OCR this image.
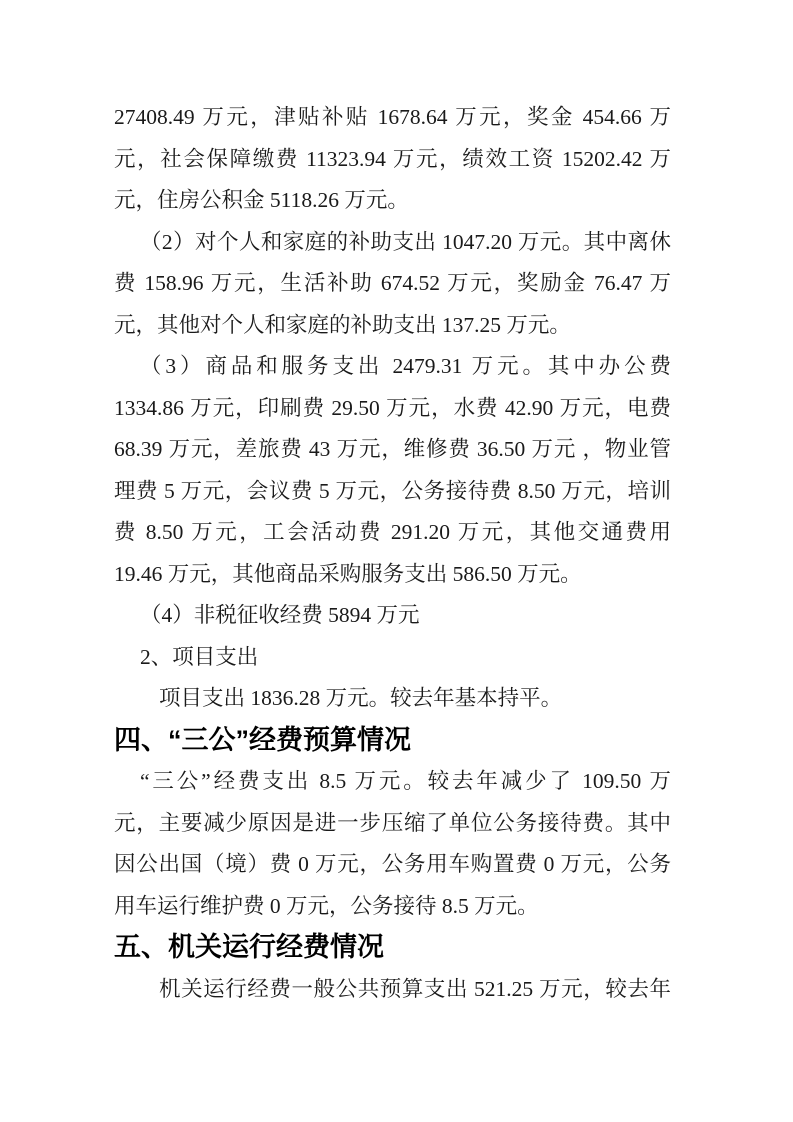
27408.49 万元，津贴补贴 1678.64 万元，奖金 454.66 万
元，社会保障缴费 11323.94 万元，绩效工资 15202.42 万
元，住房公积金 5118.26 万元。
（2）对个人和家庭的补助支出 1047.20 万元。其中离休
费 158.96 万元，生活补助 674.52 万元，奖励金 76.47 万
元，其他对个人和家庭的补助支出 137.25 万元。
（3）商品和服务支出 2479.31 万元。其中办公费
1334.86 万元，印刷费 29.50 万元，水费 42.90 万元，电费
68.39 万元，差旅费 43 万元，维修费 36.50 万元 ，物业管
理费 5 万元，会议费 5 万元，公务接待费 8.50 万元，培训
费 8.50 万元，工会活动费 291.20 万元，其他交通费用
19.46 万元，其他商品采购服务支出 586.50 万元。
（4）非税征收经费 5894 万元
2、项目支出
项目支出 1836.28 万元。较去年基本持平。
四、“三公”经费预算情况
“三公”经费支出 8.5 万元。较去年减少了 109.50 万
元，主要减少原因是进一步压缩了单位公务接待费。其中
因公出国（境）费 0 万元，公务用车购置费 0 万元，公务
用车运行维护费 0 万元，公务接待 8.5 万元。
五、机关运行经费情况
机关运行经费一般公共预算支出 521.25 万元，较去年
